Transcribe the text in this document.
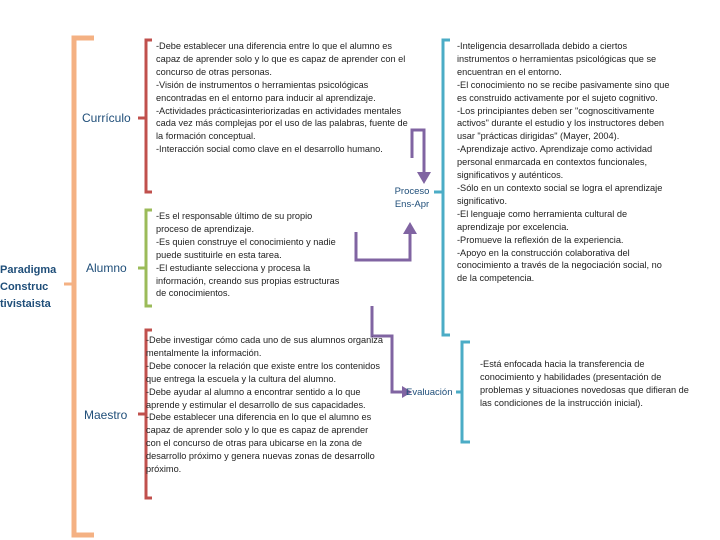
Paradigma
Construc
tivistaista
Currículo
Alumno
Maestro
Proceso
Ens-Apr
Evaluación
-Debe establecer una diferencia entre lo que el alumno es
capaz de aprender solo y lo que es capaz de aprender con el
concurso de otras personas.
-Visión de instrumentos o herramientas psicológicas
encontradas en el entorno para inducir al aprendizaje.
-Actividades prácticasinteriorizadas en actividades mentales
cada vez más complejas por el uso de las palabras, fuente de
la formación conceptual.
-Interacción social como clave en el desarrollo humano.
-Es el responsable último de su propio
proceso de aprendizaje.
-Es quien construye el conocimiento y nadie
puede sustituirle en esta tarea.
-El estudiante selecciona y procesa la
información, creando sus propias estructuras
de conocimientos.
-Debe investigar cómo cada uno de sus alumnos organiza
mentalmente la información.
-Debe conocer la relación que existe entre los contenidos
que entrega la escuela y la cultura del alumno.
-Debe ayudar al alumno a encontrar sentido a lo que
aprende y estimular el desarrollo de sus capacidades.
-Debe establecer una diferencia en lo que el alumno es
capaz de aprender solo y lo que es capaz de aprender
con el concurso de otras para ubicarse en la zona de
desarrollo próximo y genera nuevas zonas de desarrollo
próximo.
-Inteligencia desarrollada debido a ciertos
instrumentos o herramientas psicológicas que se
encuentran en el entorno.
-El conocimiento no se recibe pasivamente sino que
es construido activamente por el sujeto cognitivo.
-Los principiantes deben ser "cognoscitivamente
activos" durante el estudio y los instructores deben
usar "prácticas dirigidas" (Mayer, 2004).
-Aprendizaje activo. Aprendizaje como actividad
personal enmarcada en contextos funcionales,
significativos y auténticos.
-Sólo en un contexto social se logra el aprendizaje
significativo.
-El lenguaje como herramienta cultural de
aprendizaje por excelencia.
-Promueve la reflexión de la experiencia.
-Apoyo en la construcción colaborativa del
conocimiento a través de la negociación social, no
de la competencia.
-Está enfocada hacia la transferencia de
conocimiento y habilidades (presentación de
problemas y situaciones novedosas que difieran de
las condiciones de la instrucción inicial).
